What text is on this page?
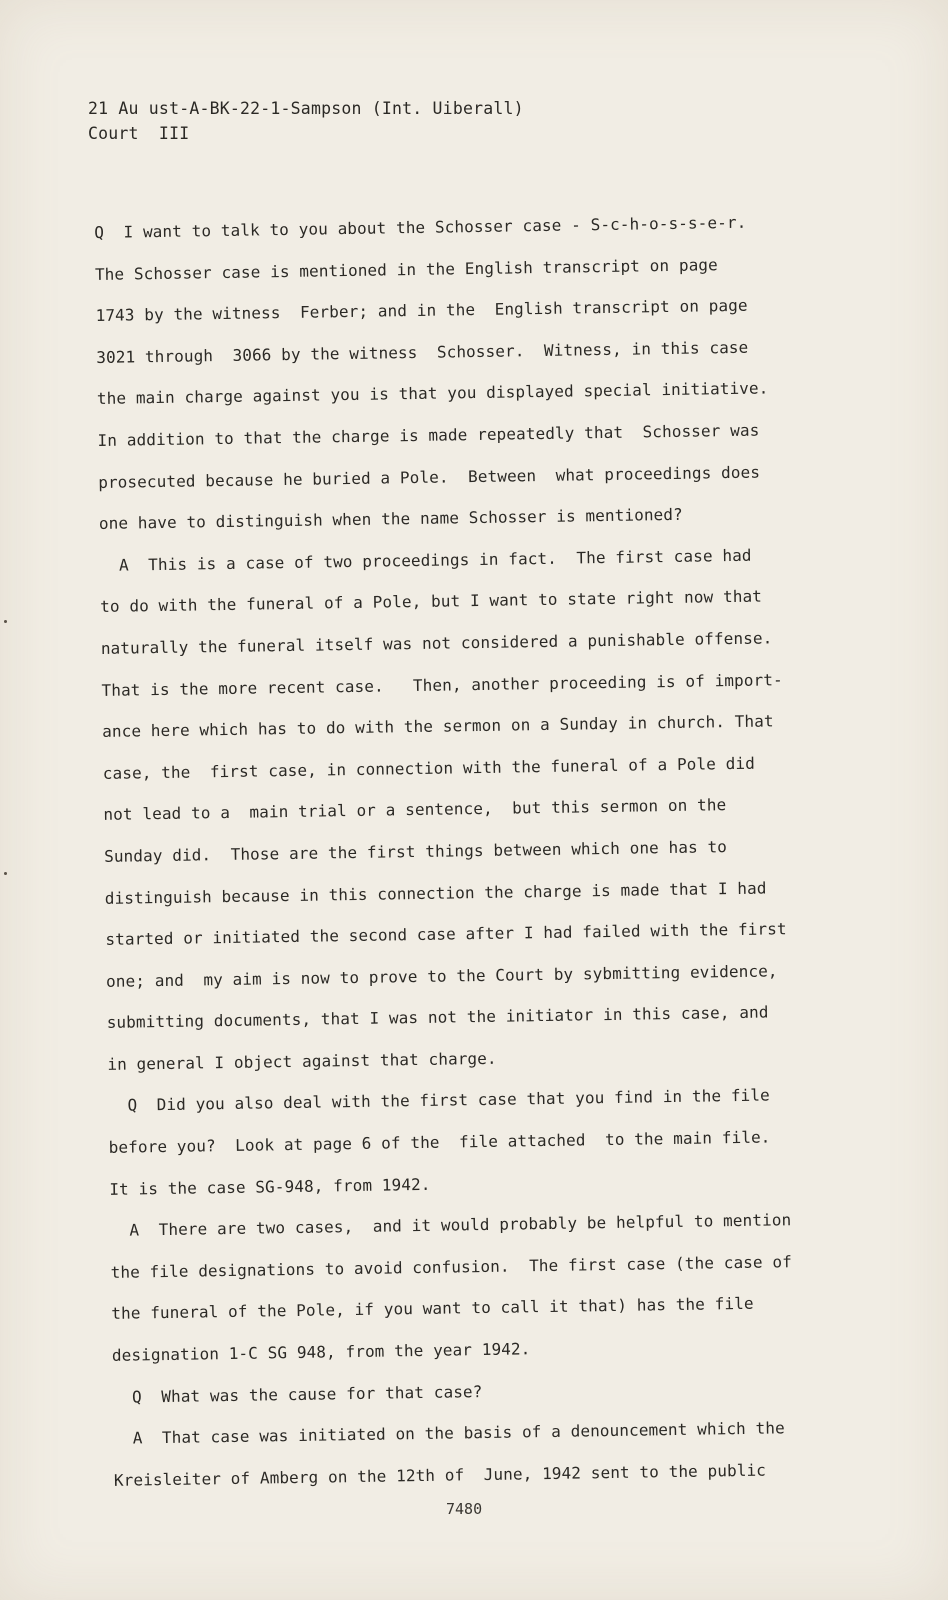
21 Au ust-A-BK-22-1-Sampson (Int. Uiberall)
Court  III
Q  I want to talk to you about the Schosser case - S-c-h-o-s-s-e-r.
The Schosser case is mentioned in the English transcript on page
1743 by the witness  Ferber; and in the  English transcript on page
3021 through  3066 by the witness  Schosser.  Witness, in this case
the main charge against you is that you displayed special initiative.
In addition to that the charge is made repeatedly that  Schosser was
prosecuted because he buried a Pole.  Between  what proceedings does
one have to distinguish when the name Schosser is mentioned?
A  This is a case of two proceedings in fact.  The first case had
to do with the funeral of a Pole, but I want to state right now that
naturally the funeral itself was not considered a punishable offense.
That is the more recent case.   Then, another proceeding is of import-
ance here which has to do with the sermon on a Sunday in church. That
case, the  first case, in connection with the funeral of a Pole did
not lead to a  main trial or a sentence,  but this sermon on the
Sunday did.  Those are the first things between which one has to
distinguish because in this connection the charge is made that I had
started or initiated the second case after I had failed with the first
one; and  my aim is now to prove to the Court by sybmitting evidence,
submitting documents, that I was not the initiator in this case, and
in general I object against that charge.
Q  Did you also deal with the first case that you find in the file
before you?  Look at page 6 of the  file attached  to the main file.
It is the case SG-948, from 1942.
A  There are two cases,  and it would probably be helpful to mention
the file designations to avoid confusion.  The first case (the case of
the funeral of the Pole, if you want to call it that) has the file
designation 1-C SG 948, from the year 1942.
Q  What was the cause for that case?
A  That case was initiated on the basis of a denouncement which the
Kreisleiter of Amberg on the 12th of  June, 1942 sent to the public
7480
